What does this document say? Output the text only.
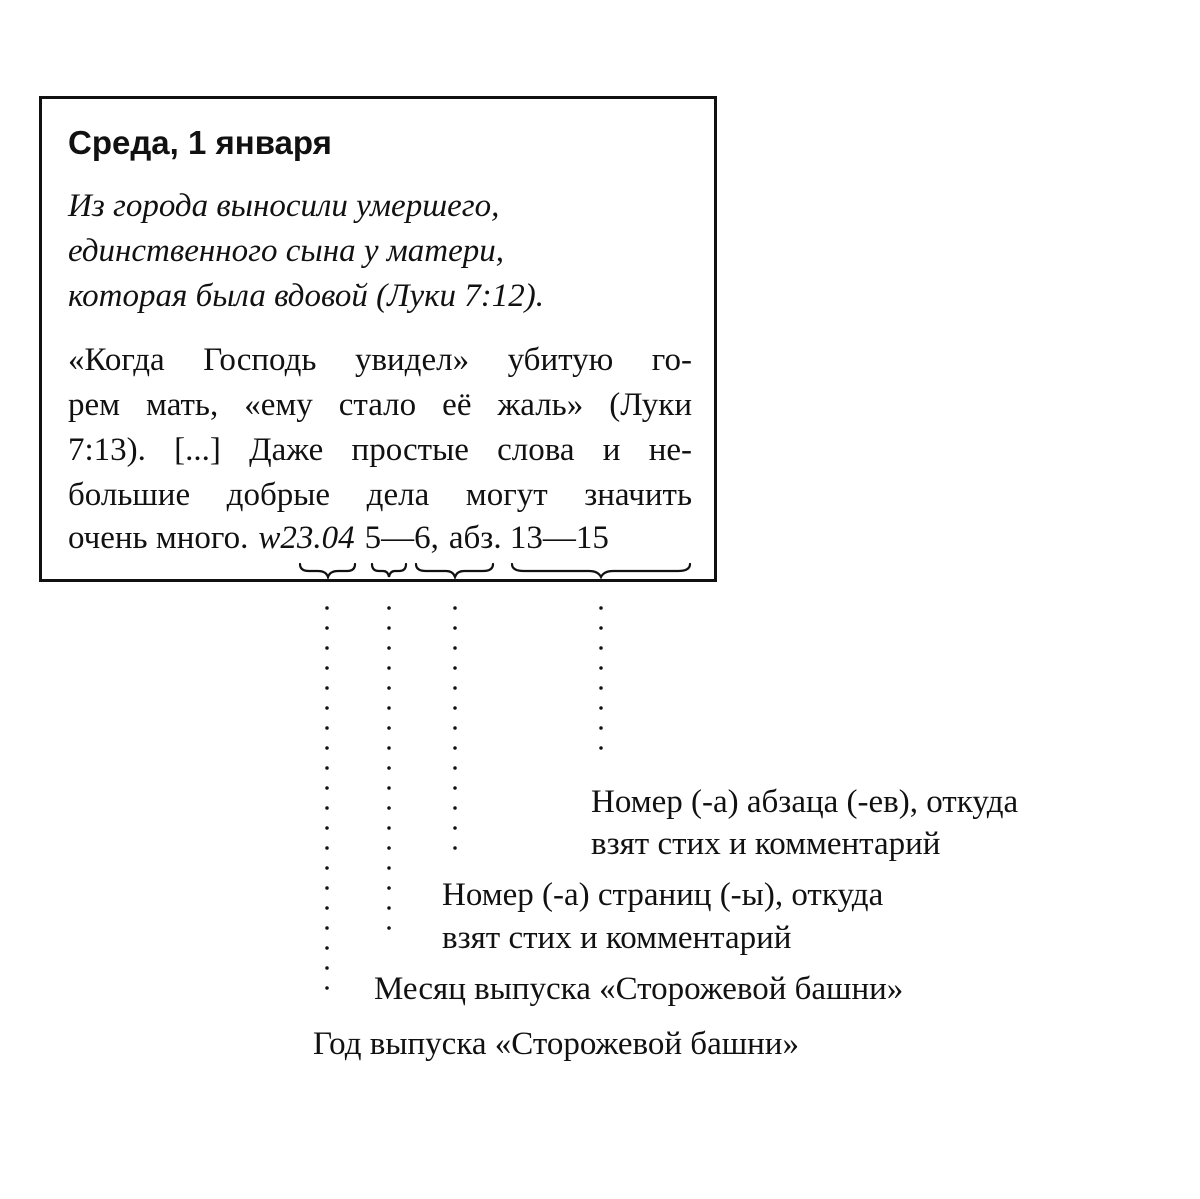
Среда, 1 января
Из города выносили умершего,
единственного сына у матери,
которая была вдовой (Луки 7:12).
«Когда Господь увидел» убитую го-
рем мать, «ему стало её жаль» (Луки
7:13). [...] Даже простые слова и не-
большие добрые дела могут значить
очень много. w23.04 5—6, абз. 13—15
Номер (-а) абзаца (-ев), откуда
взят стих и комментарий
Номер (-а) страниц (-ы), откуда
взят стих и комментарий
Месяц выпуска «Сторожевой башни»
Год выпуска «Сторожевой башни»
